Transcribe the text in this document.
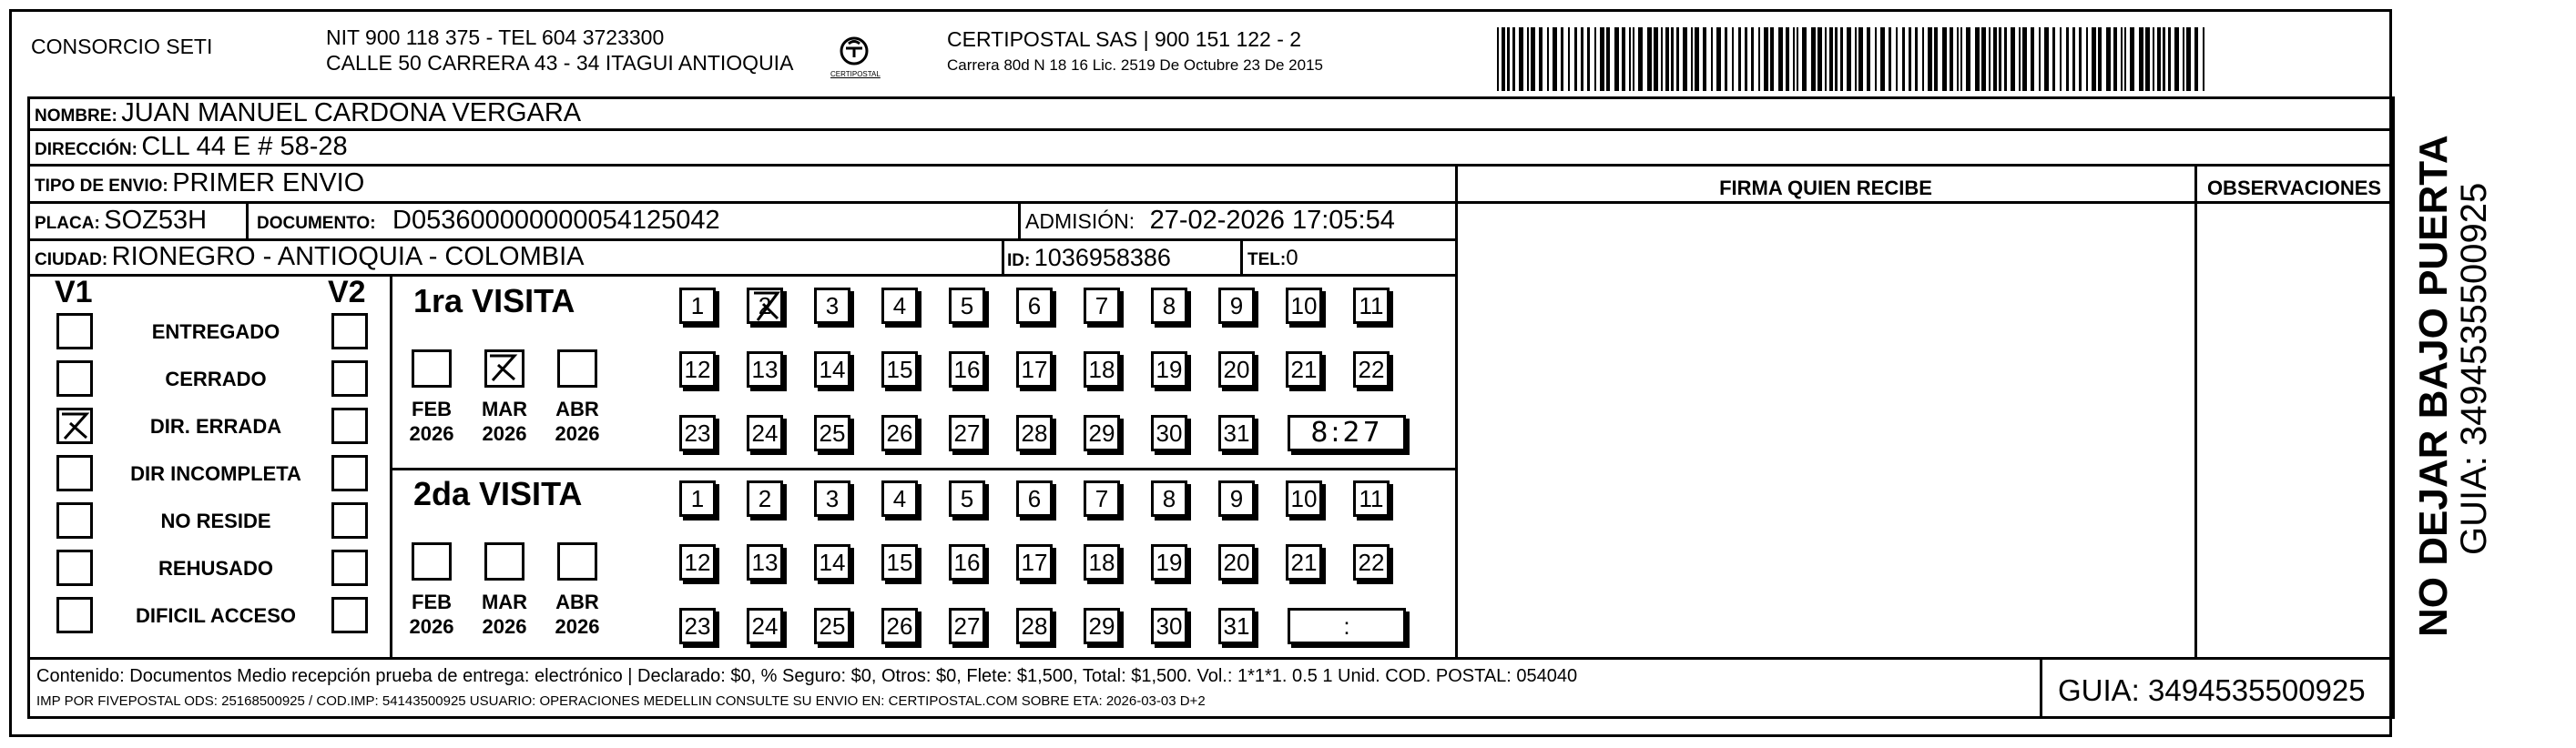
CONSORCIO SETI	NIT 900 118 375 - TEL 604 3723300
CALLE 50 CARRERA 43 - 34 ITAGUI ANTIOQUIA	CERTIPOSTAL
CERTIPOSTAL SAS | 900 151 122 - 2
Carrera 80d N 18 16 Lic. 2519 De Octubre 23 De 2015
NOMBRE: JUAN MANUEL CARDONA VERGARA
DIRECCIÓN: CLL 44 E # 58-28
TIPO DE ENVIO: PRIMER ENVIO	FIRMA QUIEN RECIBE	OBSERVACIONES
PLACA: SOZ53H	DOCUMENTO: D053600000000054125042	ADMISIÓN: 27-02-2026 17:05:54
CIUDAD: RIONEGRO - ANTIOQUIA - COLOMBIA	ID: 1036958386	TEL:0
V1	V2
ENTREGADO
CERRADO
DIR. ERRADA
DIR INCOMPLETA
NO RESIDE
REHUSADO
DIFICIL ACCESO
1ra VISITA
FEB
2026
MAR
2026
ABR
2026
1	2	3	4	5	6	7	8	9	10 11
12 13 14 15 16 17 18 19 20 21 22
23 24 25 26 27 28 29 30 31	8:27
2da VISITA
FEB
2026
MAR
2026
ABR
2026
1	2	3	4	5	6	7	8	9	10 11
12 13 14 15 16 17 18 19 20 21 22
23 24 25 26 27 28 29 30 31	:
Contenido: Documentos Medio recepción prueba de entrega: electrónico | Declarado: $0, % Seguro: $0, Otros: $0, Flete: $1,500, Total: $1,500. Vol.: 1*1*1. 0.5 1 Unid. COD. POSTAL: 054040
IMP POR FIVEPOSTAL ODS: 25168500925 / COD.IMP: 54143500925 USUARIO: OPERACIONES MEDELLIN CONSULTE SU ENVIO EN: CERTIPOSTAL.COM SOBRE ETA: 2026-03-03 D+2	GUIA: 3494535500925
NO DEJAR BAJO PUERTA
GUIA: 3494535500925
